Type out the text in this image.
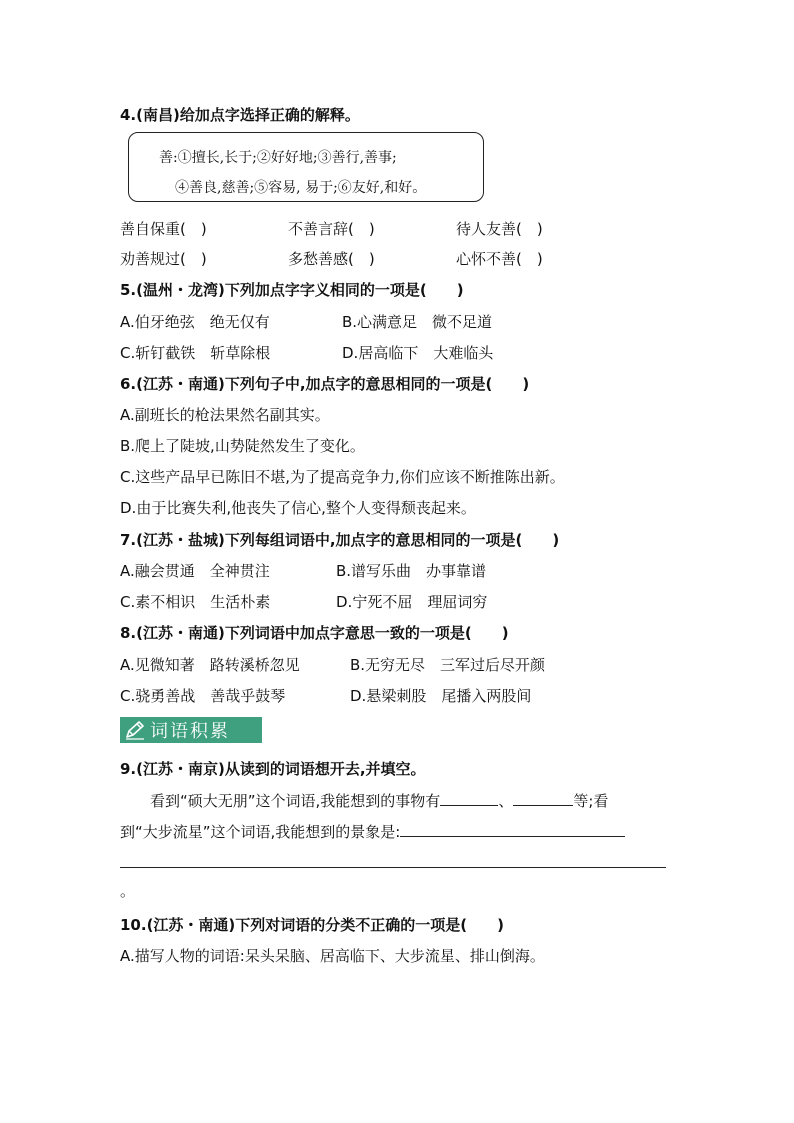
4.(南昌)给加点字选择正确的解释。
善:①擅长,长于;②好好地;③善行,善事;
④善良,慈善;⑤容易, 易于;⑥友好,和好。
善自保重(　)	不善言辞(　)	待人友善(　)
劝善规过(　)	多愁善感(　)	心怀不善(　)
5.(温州・龙湾)下列加点字字义相同的一项是(　　)
A.伯牙绝弦　绝无仅有	B.心满意足　微不足道
C.斩钉截铁　斩草除根	D.居高临下　大难临头
6.(江苏・南通)下列句子中,加点字的意思相同的一项是(　　)
A.副班长的枪法果然名副其实。
B.爬上了陡坡,山势陡然发生了变化。
C.这些产品早已陈旧不堪,为了提高竞争力,你们应该不断推陈出新。
D.由于比赛失利,他丧失了信心,整个人变得颓丧起来。
7.(江苏・盐城)下列每组词语中,加点字的意思相同的一项是(　　)
A.融会贯通　全神贯注	B.谱写乐曲　办事靠谱
C.素不相识　生活朴素	D.宁死不屈　理屈词穷
8.(江苏・南通)下列词语中加点字意思一致的一项是(　　)
A.见微知著　路转溪桥忽见	B.无穷无尽　三军过后尽开颜
C.骁勇善战　善哉乎鼓琴	D.悬梁刺股　尾播入两股间
词语积累
9.(江苏・南京)从读到的词语想开去,并填空。
看到“硕大无朋”这个词语,我能想到的事物有	、	等;看
到“大步流星”这个词语,我能想到的景象是:
。
10.(江苏・南通)下列对词语的分类不正确的一项是(　　)
A.描写人物的词语:呆头呆脑、居高临下、大步流星、排山倒海。
